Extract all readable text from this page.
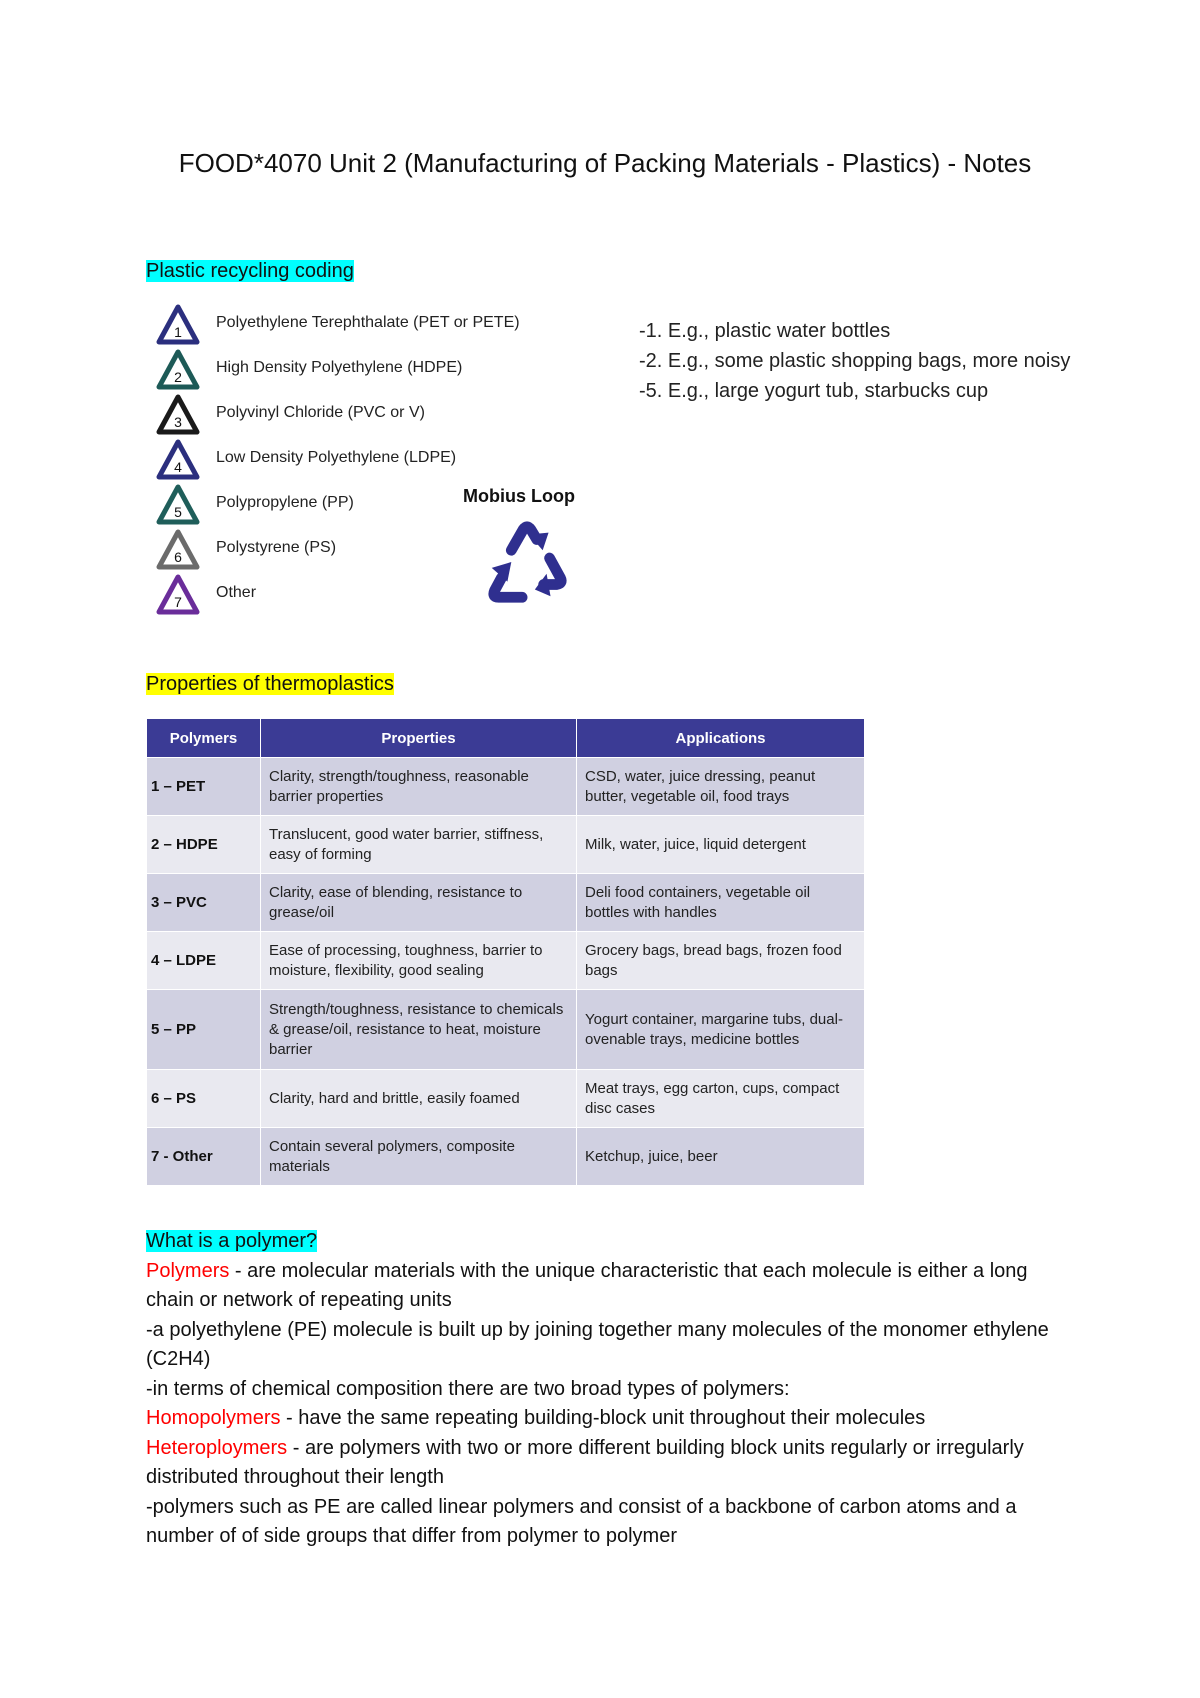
FOOD*4070 Unit 2 (Manufacturing of Packing Materials - Plastics) - Notes
Plastic recycling coding
1
Polyethylene Terephthalate (PET or PETE)
2
High Density Polyethylene (HDPE)
3
Polyvinyl Chloride (PVC or V)
4
Low Density Polyethylene (LDPE)
5
Polypropylene (PP)
6
Polystyrene (PS)
7
Other
Mobius Loop
-1. E.g., plastic water bottles
-2. E.g., some plastic shopping bags, more noisy
-5. E.g., large yogurt tub, starbucks cup
Properties of thermoplastics
Polymers	Properties	Applications
1 – PET	Clarity, strength/toughness, reasonable barrier properties	CSD, water, juice dressing, peanut butter, vegetable oil, food trays
2 – HDPE	Translucent, good water barrier, stiffness, easy of forming	Milk, water, juice, liquid detergent
3 – PVC	Clarity, ease of blending, resistance to grease/oil	Deli food containers, vegetable oil bottles with handles
4 – LDPE	Ease of processing, toughness, barrier to moisture, flexibility, good sealing	Grocery bags, bread bags, frozen food bags
5 – PP	Strength/toughness, resistance to chemicals & grease/oil, resistance to heat, moisture barrier	Yogurt container, margarine tubs, dual-ovenable trays, medicine bottles
6 – PS	Clarity, hard and brittle, easily foamed	Meat trays, egg carton, cups, compact disc cases
7 - Other	Contain several polymers, composite materials	Ketchup, juice, beer
What is a polymer?
Polymers - are molecular materials with the unique characteristic that each molecule is either a long chain or network of repeating units
-a polyethylene (PE) molecule is built up by joining together many molecules of the monomer ethylene (C2H4)
-in terms of chemical composition there are two broad types of polymers:
Homopolymers - have the same repeating building-block unit throughout their molecules
Heteroploymers - are polymers with two or more different building block units regularly or irregularly distributed throughout their length
-polymers such as PE are called linear polymers and consist of a backbone of carbon atoms and a number of of side groups that differ from polymer to polymer
